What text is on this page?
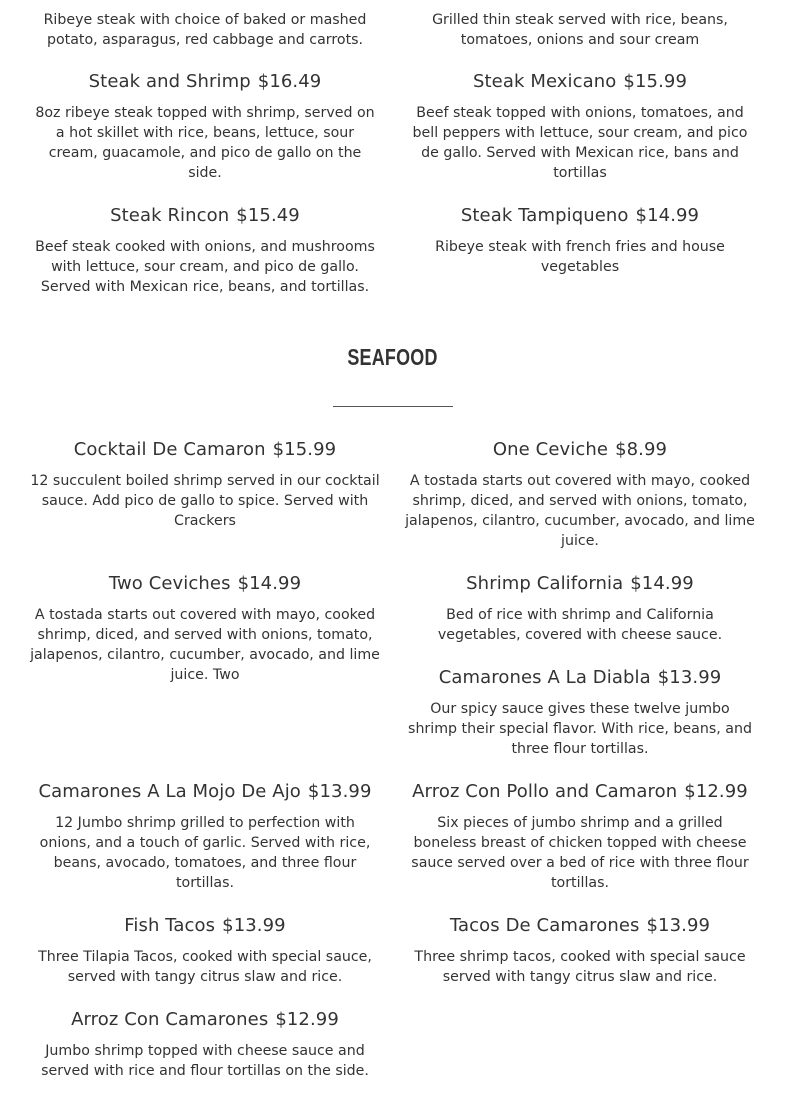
Ribeye steak with choice of baked or mashed potato, asparagus, red cabbage and carrots.

Grilled thin steak served with rice, beans, tomatoes, onions and sour cream

Steak and Shrimp $16.49

8oz ribeye steak topped with shrimp, served on a hot skillet with rice, beans, lettuce, sour cream, guacamole, and pico de gallo on the side.

Steak Mexicano $15.99

Beef steak topped with onions, tomatoes, and bell peppers with lettuce, sour cream, and pico de gallo. Served with Mexican rice, bans and tortillas

Steak Rincon $15.49

Beef steak cooked with onions, and mushrooms with lettuce, sour cream, and pico de gallo. Served with Mexican rice, beans, and tortillas.

Steak Tampiqueno $14.99

Ribeye steak with french fries and house vegetables

SEAFOOD
Cocktail De Camaron $15.99

12 succulent boiled shrimp served in our cocktail sauce. Add pico de gallo to spice. Served with Crackers

One Ceviche $8.99

A tostada starts out covered with mayo, cooked shrimp, diced, and served with onions, tomato, jalapenos, cilantro, cucumber, avocado, and lime juice.

Two Ceviches $14.99

A tostada starts out covered with mayo, cooked shrimp, diced, and served with onions, tomato, jalapenos, cilantro, cucumber, avocado, and lime juice. Two

Shrimp California $14.99

Bed of rice with shrimp and California vegetables, covered with cheese sauce.

Camarones A La Diabla $13.99

Our spicy sauce gives these twelve jumbo shrimp their special flavor. With rice, beans, and three flour tortillas.

Camarones A La Mojo De Ajo $13.99

12 Jumbo shrimp grilled to perfection with onions, and a touch of garlic. Served with rice, beans, avocado, tomatoes, and three flour tortillas.

Arroz Con Pollo and Camaron $12.99

Six pieces of jumbo shrimp and a grilled boneless breast of chicken topped with cheese sauce served over a bed of rice with three flour tortillas.

Fish Tacos $13.99

Three Tilapia Tacos, cooked with special sauce, served with tangy citrus slaw and rice.

Tacos De Camarones $13.99

Three shrimp tacos, cooked with special sauce served with tangy citrus slaw and rice.

Arroz Con Camarones $12.99

Jumbo shrimp topped with cheese sauce and served with rice and flour tortillas on the side.
